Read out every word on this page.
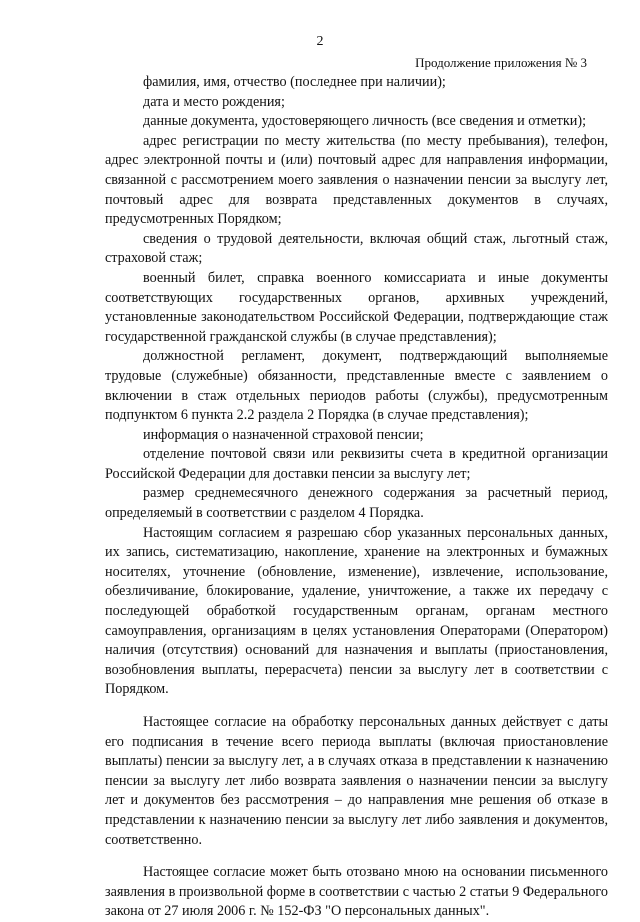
2
Продолжение приложения № 3

фамилия, имя, отчество (последнее при наличии);

дата и место рождения;

данные документа, удостоверяющего личность (все сведения и отметки);

адрес регистрации по месту жительства (по месту пребывания), телефон, адрес электронной почты и (или) почтовый адрес для направления информации, связанной с рассмотрением моего заявления о назначении пенсии за выслугу лет, почтовый адрес для возврата представленных документов в случаях, предусмотренных Порядком;

сведения о трудовой деятельности, включая общий стаж, льготный стаж, страховой стаж;

военный билет, справка военного комиссариата и иные документы соответствующих государственных органов, архивных учреждений, установленные законодательством Российской Федерации, подтверждающие стаж государственной гражданской службы (в случае представления);

должностной регламент, документ, подтверждающий выполняемые трудовые (служебные) обязанности, представленные вместе с заявлением о включении в стаж отдельных периодов работы (службы), предусмотренным подпунктом 6 пункта 2.2 раздела 2 Порядка (в случае представления);

информация о назначенной страховой пенсии;

отделение почтовой связи или реквизиты счета в кредитной организации Российской Федерации для доставки пенсии за выслугу лет;

размер среднемесячного денежного содержания за расчетный период, определяемый в соответствии с разделом 4 Порядка.

Настоящим согласием я разрешаю сбор указанных персональных данных, их запись, систематизацию, накопление, хранение на электронных и бумажных носителях, уточнение (обновление, изменение), извлечение, использование, обезличивание, блокирование, удаление, уничтожение, а также их передачу с последующей обработкой государственным органам, органам местного самоуправления, организациям в целях установления Операторами (Оператором) наличия (отсутствия) оснований для назначения и выплаты (приостановления, возобновления выплаты, перерасчета) пенсии за выслугу лет в соответствии с Порядком.

Настоящее согласие на обработку персональных данных действует с даты его подписания в течение всего периода выплаты (включая приостановление выплаты) пенсии за выслугу лет, а в случаях отказа в представлении к назначению пенсии за выслугу лет либо возврата заявления о назначении пенсии за выслугу лет и документов без рассмотрения – до направления мне решения об отказе в представлении к назначению пенсии за выслугу лет либо заявления и документов, соответственно.

Настоящее согласие может быть отозвано мною на основании письменного заявления в произвольной форме в соответствии с частью 2 статьи 9 Федерального закона от 27 июля 2006 г. № 152-ФЗ "О персональных данных".
